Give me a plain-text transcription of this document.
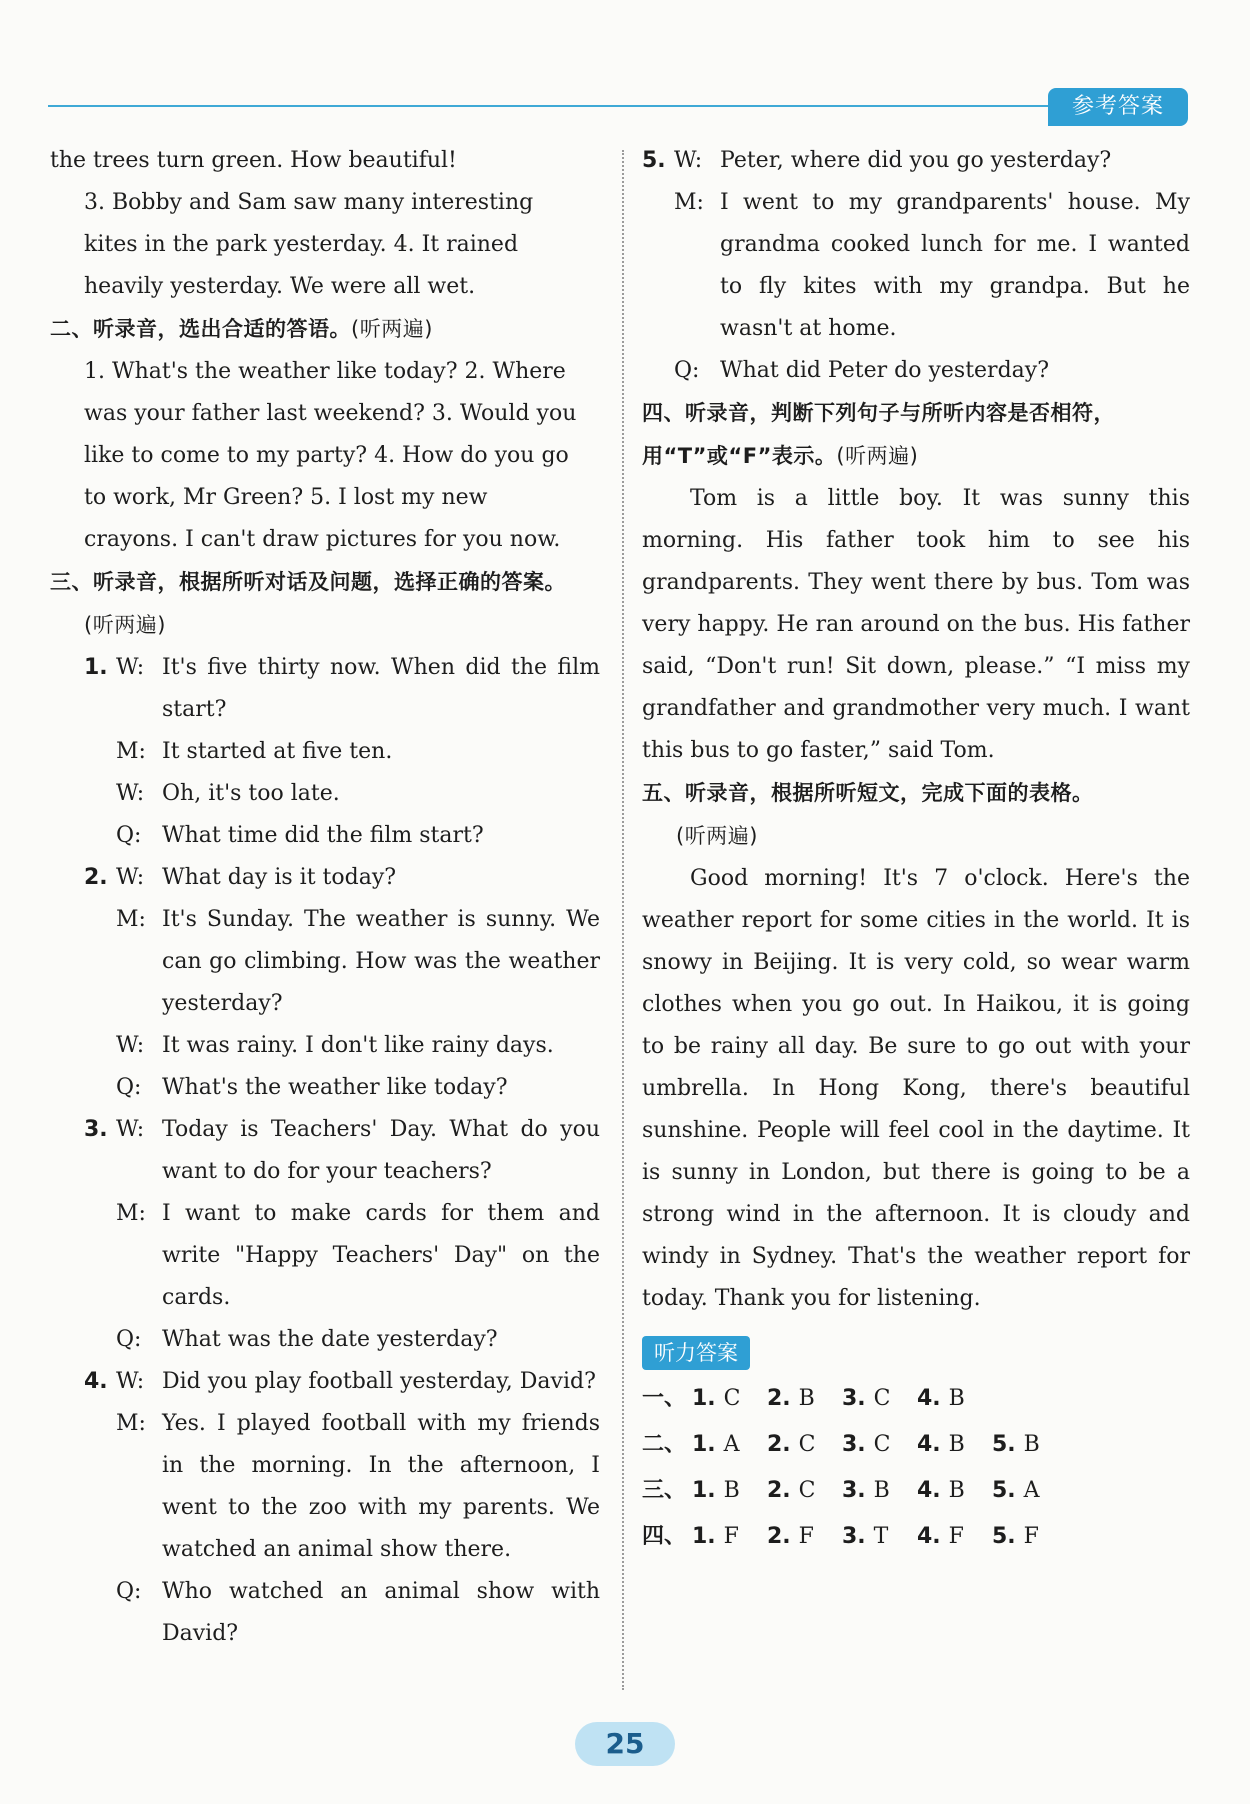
参考答案

the trees turn green. How beautiful!

3. Bobby and Sam saw many interesting

kites in the park yesterday. 4. It rained

heavily yesterday. We were all wet.

二、听录音，选出合适的答语。(听两遍)

1. What's the weather like today? 2. Where

was your father last weekend? 3. Would you

like to come to my party? 4. How do you go

to work, Mr Green? 5. I lost my new

crayons. I can't draw pictures for you now.

三、听录音，根据所听对话及问题，选择正确的答案。

(听两遍)

1. W: It's five thirty now. When did the film start?
M: It started at five ten.
W: Oh, it's too late.
Q: What time did the film start?
2. W: What day is it today?
M: It's Sunday. The weather is sunny. We can go climbing. How was the weather yesterday?
W: It was rainy. I don't like rainy days.
Q: What's the weather like today?
3. W: Today is Teachers' Day. What do you want to do for your teachers?
M: I want to make cards for them and write "Happy Teachers' Day" on the cards.
Q: What was the date yesterday?
4. W: Did you play football yesterday, David?
M: Yes. I played football with my friends in the morning. In the afternoon, I went to the zoo with my parents. We watched an animal show there.
Q: Who watched an animal show with David?
5. W: Peter, where did you go yesterday?
M: I went to my grandparents' house. My grandma cooked lunch for me. I wanted to fly kites with my grandpa. But he wasn't at home.
Q: What did Peter do yesterday?

四、听录音，判断下列句子与所听内容是否相符，

用“T”或“F”表示。(听两遍)

Tom is a little boy. It was sunny this morning. His father took him to see his grandparents. They went there by bus. Tom was very happy. He ran around on the bus. His father said, “Don't run! Sit down, please.” “I miss my grandfather and grandmother very much. I want this bus to go faster,” said Tom.

五、听录音，根据所听短文，完成下面的表格。

(听两遍)

Good morning! It's 7 o'clock. Here's the weather report for some cities in the world. It is snowy in Beijing. It is very cold, so wear warm clothes when you go out. In Haikou, it is going to be rainy all day. Be sure to go out with your umbrella. In Hong Kong, there's beautiful sunshine. People will feel cool in the daytime. It is sunny in London, but there is going to be a strong wind in the afternoon. It is cloudy and windy in Sydney. That's the weather report for today. Thank you for listening.

听力答案
一、 1. C	2. B	3. C	4. B
二、 1. A	2. C	3. C	4. B	5. B
三、 1. B	2. C	3. B	4. B	5. A
四、 1. F	2. F	3. T	4. F	5. F
25
